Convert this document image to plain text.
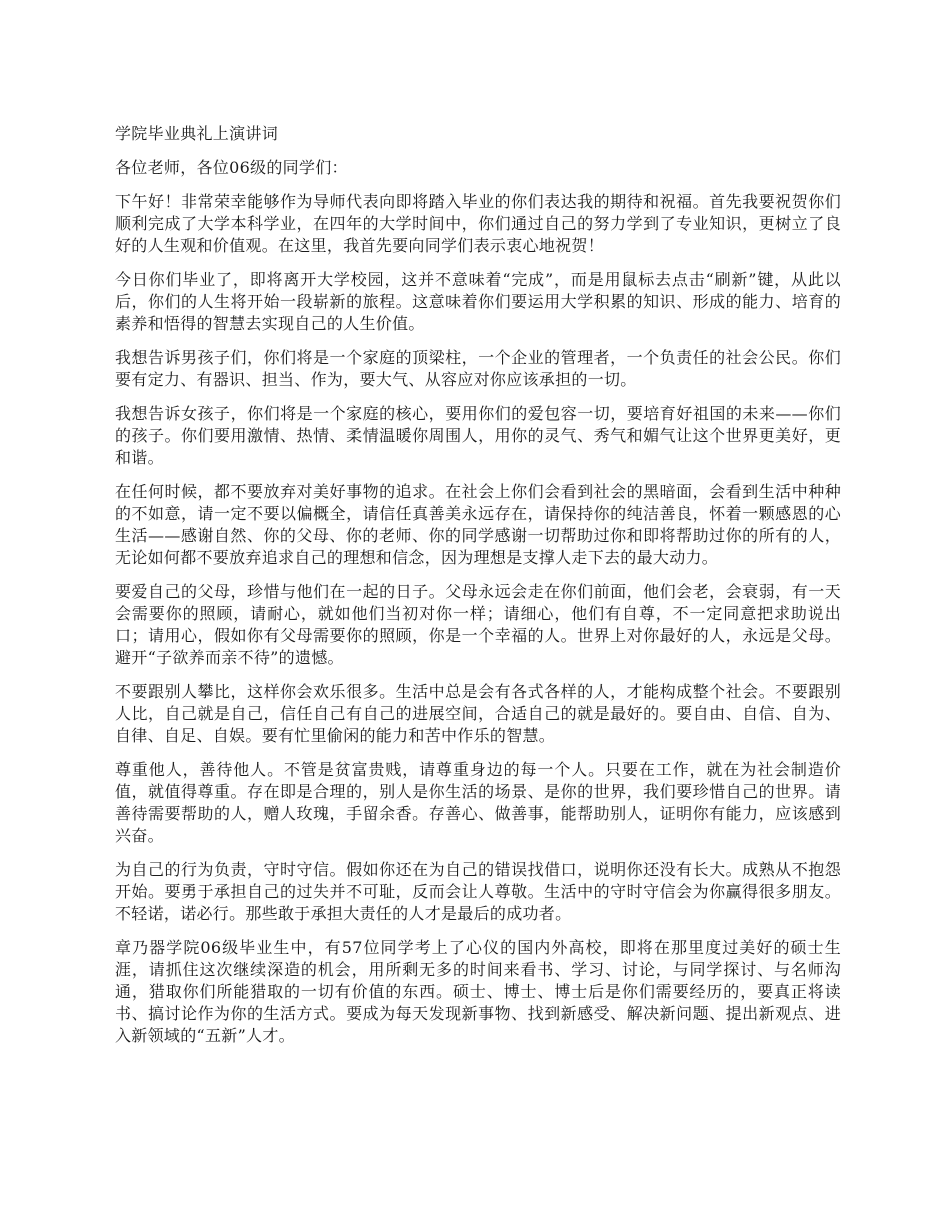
学院毕业典礼上演讲词

各位老师，各位06级的同学们：

下午好！非常荣幸能够作为导师代表向即将踏入毕业的你们表达我的期待和祝福。首先我要祝贺你们顺利完成了大学本科学业，在四年的大学时间中，你们通过自己的努力学到了专业知识，更树立了良好的人生观和价值观。在这里，我首先要向同学们表示衷心地祝贺！

今日你们毕业了，即将离开大学校园，这并不意味着“完成”，而是用鼠标去点击“刷新”键，从此以后，你们的人生将开始一段崭新的旅程。这意味着你们要运用大学积累的知识、形成的能力、培育的素养和悟得的智慧去实现自己的人生价值。

我想告诉男孩子们，你们将是一个家庭的顶梁柱，一个企业的管理者，一个负责任的社会公民。你们要有定力、有器识、担当、作为，要大气、从容应对你应该承担的一切。

我想告诉女孩子，你们将是一个家庭的核心，要用你们的爱包容一切，要培育好祖国的未来——你们的孩子。你们要用激情、热情、柔情温暖你周围人，用你的灵气、秀气和媚气让这个世界更美好，更和谐。

在任何时候，都不要放弃对美好事物的追求。在社会上你们会看到社会的黑暗面，会看到生活中种种的不如意，请一定不要以偏概全，请信任真善美永远存在，请保持你的纯洁善良，怀着一颗感恩的心生活——感谢自然、你的父母、你的老师、你的同学感谢一切帮助过你和即将帮助过你的所有的人，无论如何都不要放弃追求自己的理想和信念，因为理想是支撑人走下去的最大动力。

要爱自己的父母，珍惜与他们在一起的日子。父母永远会走在你们前面，他们会老，会衰弱，有一天会需要你的照顾，请耐心，就如他们当初对你一样；请细心，他们有自尊，不一定同意把求助说出口；请用心，假如你有父母需要你的照顾，你是一个幸福的人。世界上对你最好的人，永远是父母。避开“子欲养而亲不待”的遗憾。

不要跟别人攀比，这样你会欢乐很多。生活中总是会有各式各样的人，才能构成整个社会。不要跟别人比，自己就是自己，信任自己有自己的进展空间，合适自己的就是最好的。要自由、自信、自为、自律、自足、自娱。要有忙里偷闲的能力和苦中作乐的智慧。

尊重他人，善待他人。不管是贫富贵贱，请尊重身边的每一个人。只要在工作，就在为社会制造价值，就值得尊重。存在即是合理的，别人是你生活的场景、是你的世界，我们要珍惜自己的世界。请善待需要帮助的人，赠人玫瑰，手留余香。存善心、做善事，能帮助别人，证明你有能力，应该感到兴奋。

为自己的行为负责，守时守信。假如你还在为自己的错误找借口，说明你还没有长大。成熟从不抱怨开始。要勇于承担自己的过失并不可耻，反而会让人尊敬。生活中的守时守信会为你赢得很多朋友。不轻诺，诺必行。那些敢于承担大责任的人才是最后的成功者。

章乃器学院06级毕业生中，有57位同学考上了心仪的国内外高校，即将在那里度过美好的硕士生涯，请抓住这次继续深造的机会，用所剩无多的时间来看书、学习、讨论，与同学探讨、与名师沟通，猎取你们所能猎取的一切有价值的东西。硕士、博士、博士后是你们需要经历的，要真正将读书、搞讨论作为你的生活方式。要成为每天发现新事物、找到新感受、解决新问题、提出新观点、进入新领域的“五新”人才。
